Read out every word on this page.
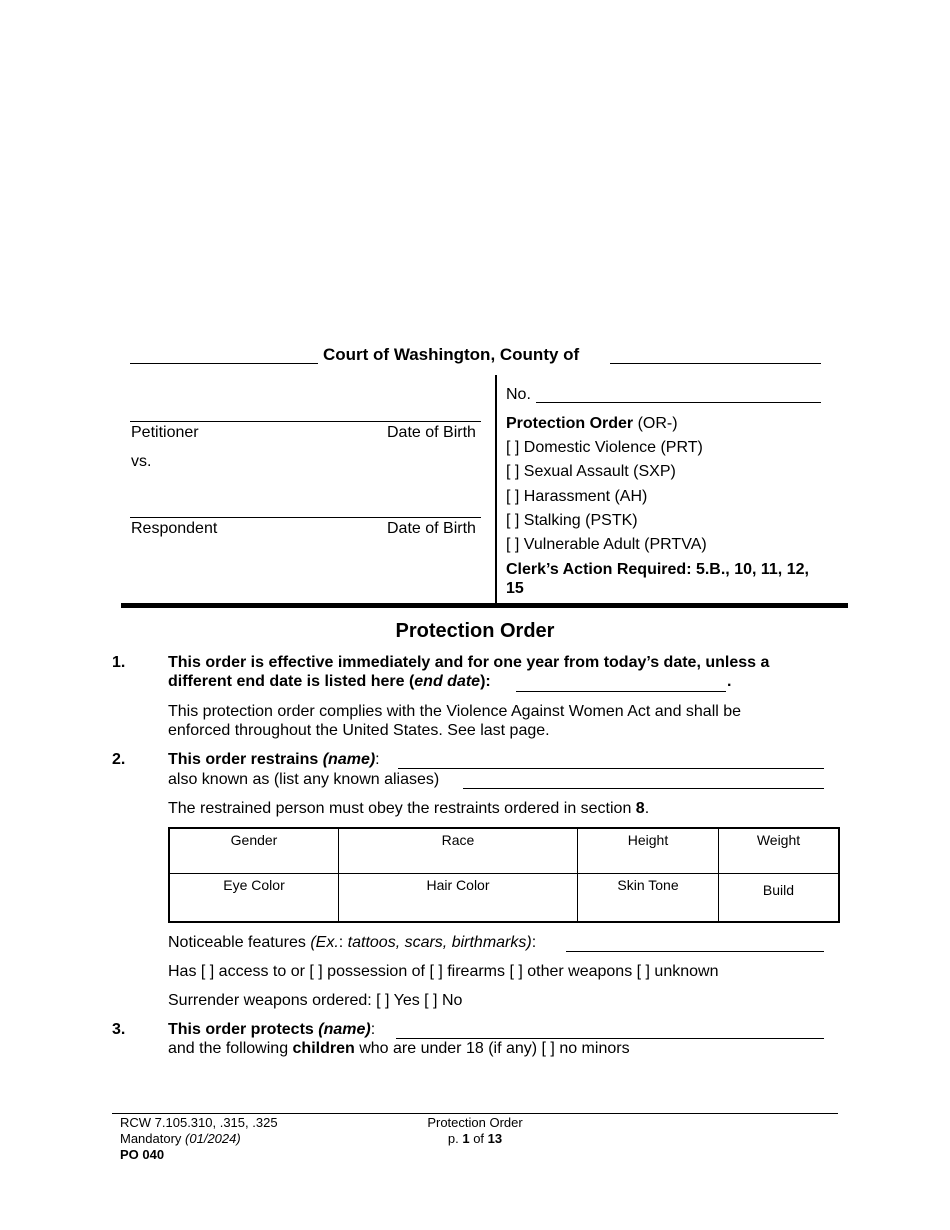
Court of Washington, County of
Petitioner	Date of Birth
vs.
Respondent	Date of Birth
No.
Protection Order (OR-)
[ ] Domestic Violence (PRT)
[ ] Sexual Assault (SXP)
[ ] Harassment (AH)
[ ] Stalking (PSTK)
[ ] Vulnerable Adult (PRTVA)
Clerk’s Action Required: 5.B., 10, 11, 12,
15
Protection Order
1.	This order is effective immediately and for one year from today’s date, unless a
different end date is listed here (end date):	.
This protection order complies with the Violence Against Women Act and shall be
enforced throughout the United States. See last page.
2.	This order restrains (name):
also known as (list any known aliases)
The restrained person must obey the restraints ordered in section 8.
Gender	Race	Height	Weight
Eye Color	Hair Color	Skin Tone	Build
Noticeable features (Ex.: tattoos, scars, birthmarks):
Has [ ] access to or [ ] possession of [ ] firearms [ ] other weapons [ ] unknown
Surrender weapons ordered: [ ] Yes [ ] No
3.	This order protects (name):
and the following children who are under 18 (if any) [ ] no minors
RCW 7.105.310, .315, .325
Mandatory (01/2024)
PO 040
Protection Order
p. 1 of 13
